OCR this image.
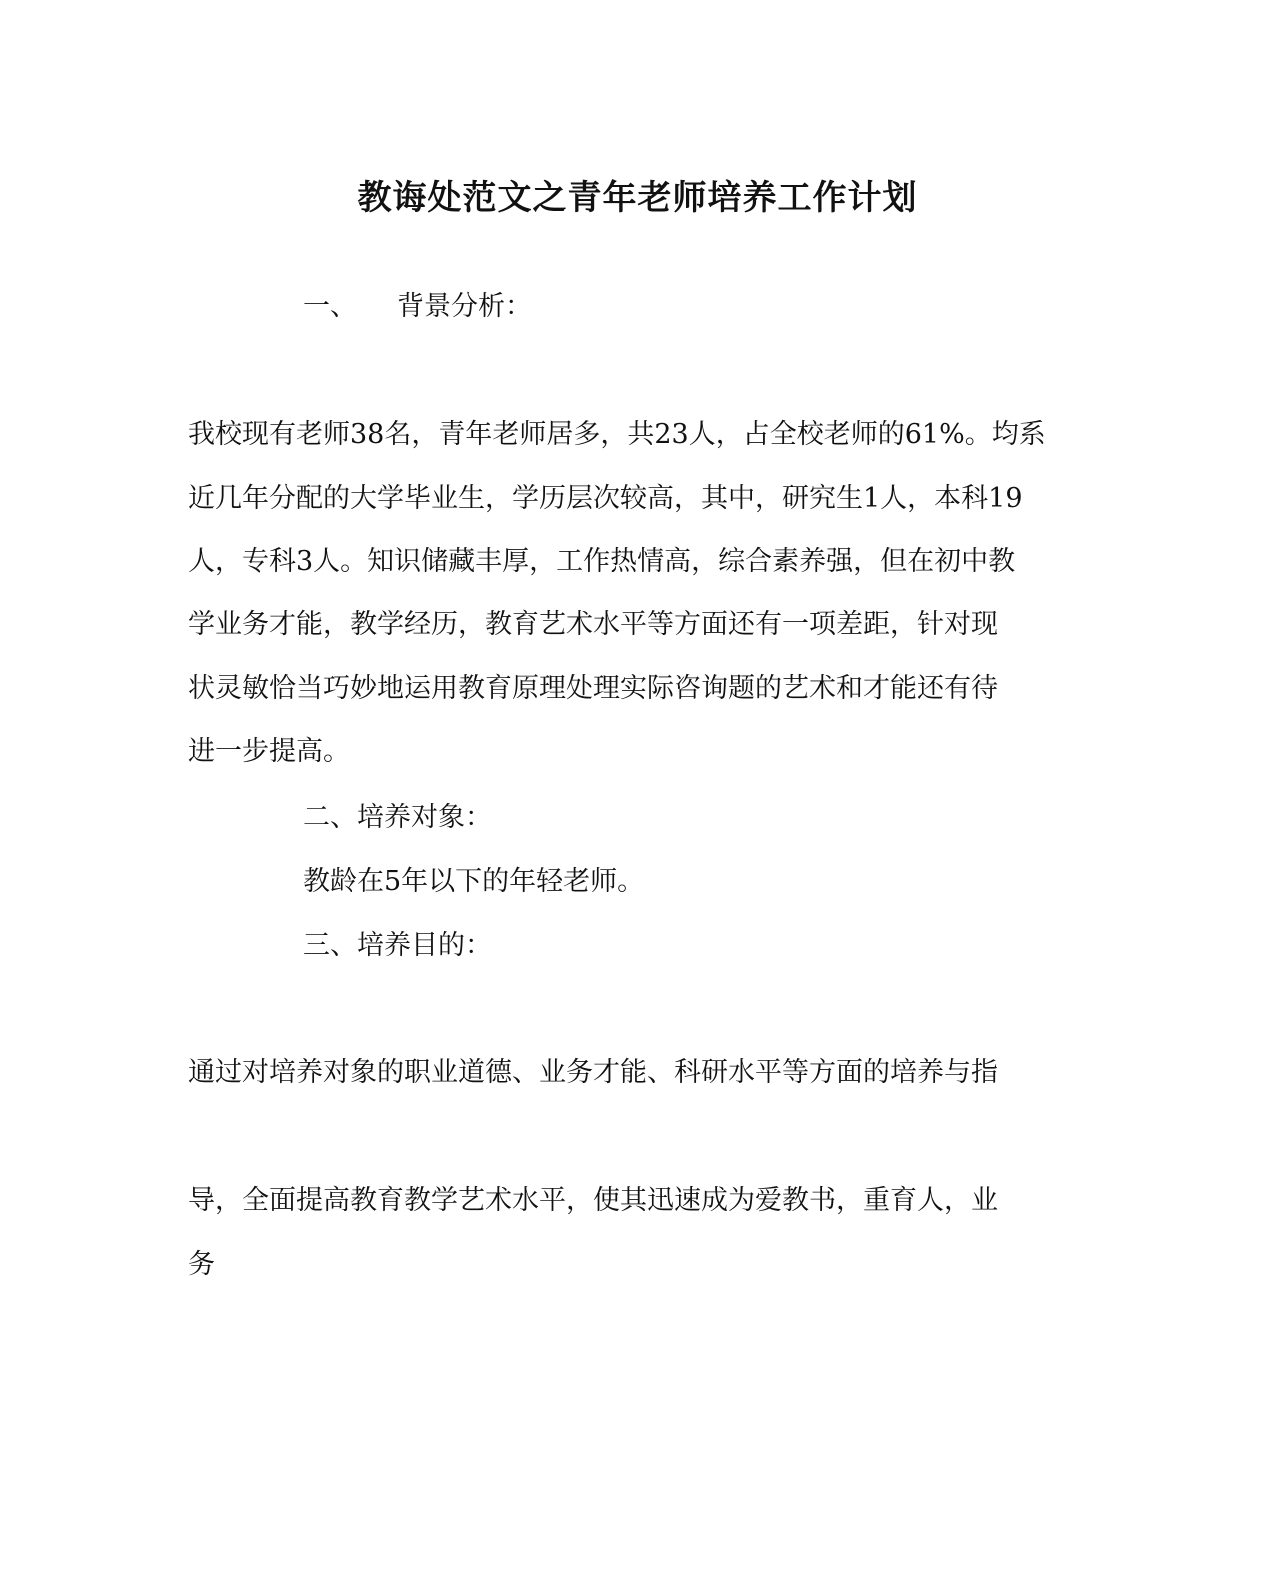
教诲处范文之青年老师培养工作计划
一、 背景分析：
我校现有老师38名，青年老师居多，共23人，占全校老师的61%。均系
近几年分配的大学毕业生，学历层次较高，其中，研究生1人，本科19
人，专科3人。知识储藏丰厚，工作热情高，综合素养强，但在初中教
学业务才能，教学经历，教育艺术水平等方面还有一项差距，针对现
状灵敏恰当巧妙地运用教育原理处理实际咨询题的艺术和才能还有待
进一步提高。
二、培养对象：
教龄在5年以下的年轻老师。
三、培养目的：
通过对培养对象的职业道德、业务才能、科研水平等方面的培养与指
导，全面提高教育教学艺术水平，使其迅速成为爱教书，重育人，业
务
